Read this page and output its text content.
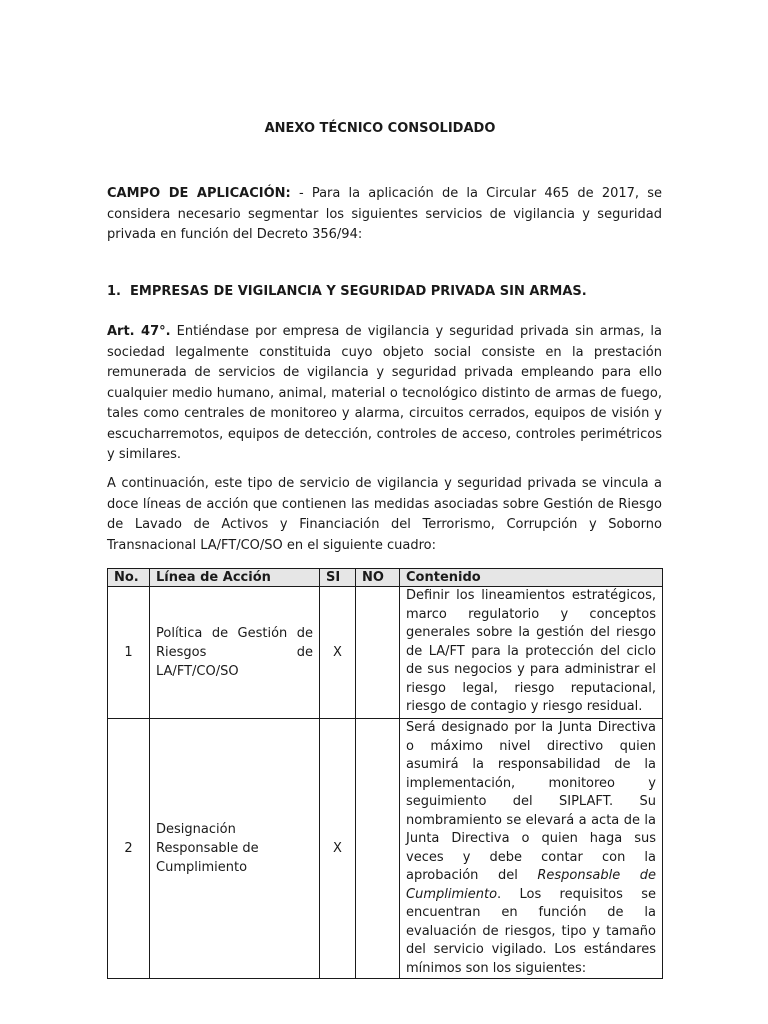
ANEXO TÉCNICO CONSOLIDADO
CAMPO DE APLICACIÓN: - Para la aplicación de la Circular 465 de 2017, se considera necesario segmentar los siguientes servicios de vigilancia y seguridad privada en función del Decreto 356/94:
1. EMPRESAS DE VIGILANCIA Y SEGURIDAD PRIVADA SIN ARMAS.
Art. 47°. Entiéndase por empresa de vigilancia y seguridad privada sin armas, la sociedad legalmente constituida cuyo objeto social consiste en la prestación remunerada de servicios de vigilancia y seguridad privada empleando para ello cualquier medio humano, animal, material o tecnológico distinto de armas de fuego, tales como centrales de monitoreo y alarma, circuitos cerrados, equipos de visión y escucharremotos, equipos de detección, controles de acceso, controles perimétricos y similares.
A continuación, este tipo de servicio de vigilancia y seguridad privada se vincula a doce líneas de acción que contienen las medidas asociadas sobre Gestión de Riesgo de Lavado de Activos y Financiación del Terrorismo, Corrupción y Soborno Transnacional LA/FT/CO/SO en el siguiente cuadro:
No.	Línea de Acción	SI	NO	Contenido
1	Política de Gestión de Riesgos de LA/FT/CO/SO	X		Definir los lineamientos estratégicos, marco regulatorio y conceptos generales sobre la gestión del riesgo de LA/FT para la protección del ciclo de sus negocios y para administrar el riesgo legal, riesgo reputacional, riesgo de contagio y riesgo residual.
2	Designación Responsable de Cumplimiento	X		Será designado por la Junta Directiva o máximo nivel directivo quien asumirá la responsabilidad de la implementación, monitoreo y seguimiento del SIPLAFT. Su nombramiento se elevará a acta de la Junta Directiva o quien haga sus veces y debe contar con la aprobación del Responsable de Cumplimiento. Los requisitos se encuentran en función de la evaluación de riesgos, tipo y tamaño del servicio vigilado. Los estándares mínimos son los siguientes:
